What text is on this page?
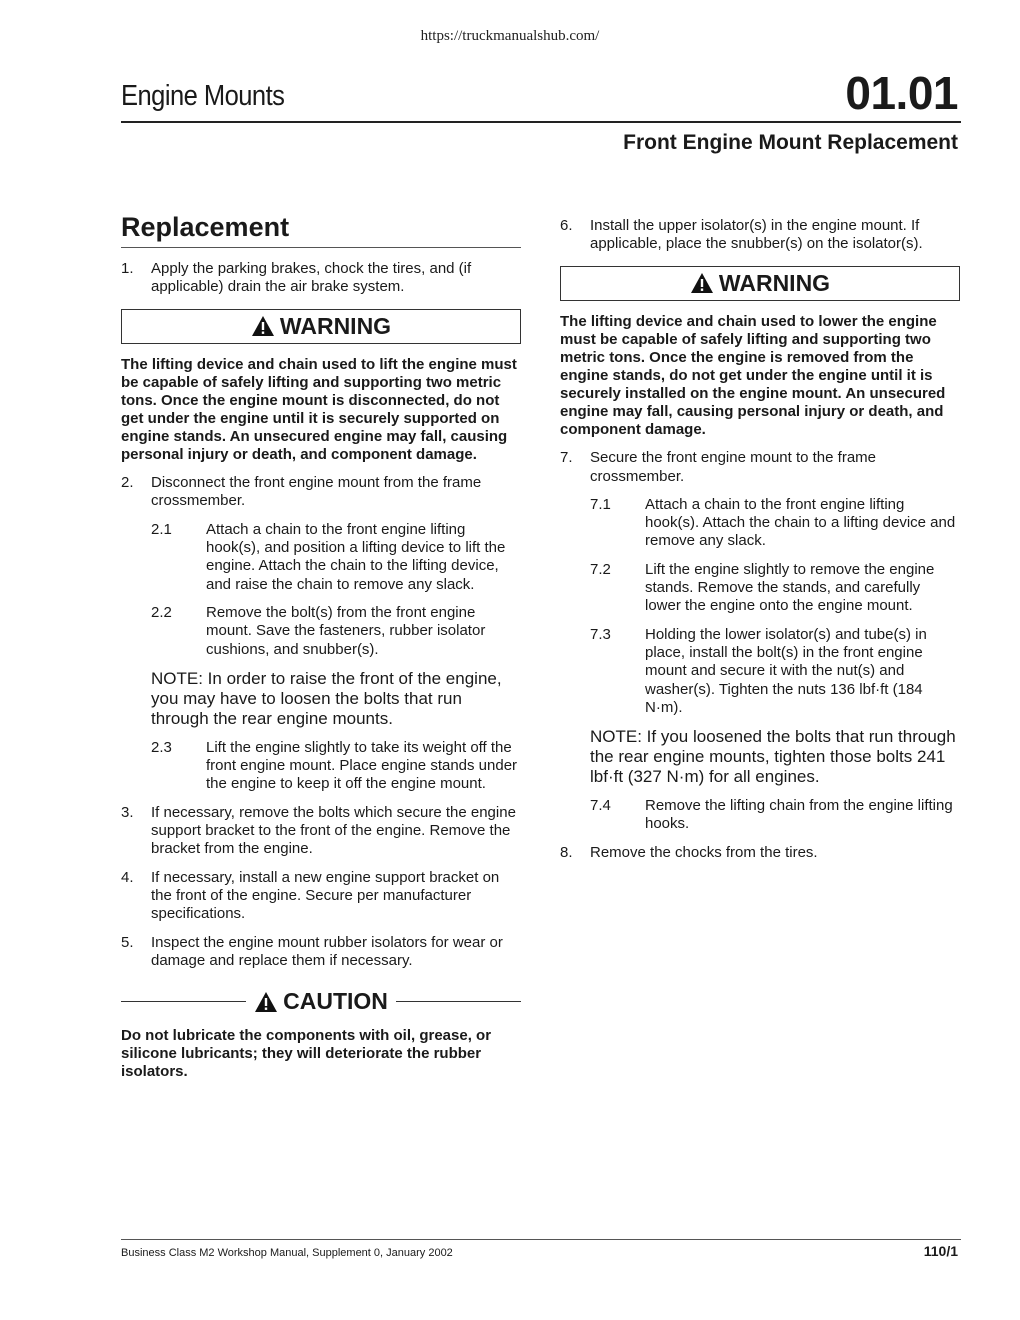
https://truckmanualshub.com/
Engine Mounts	01.01
Front Engine Mount Replacement
Replacement
1.	Apply the parking brakes, chock the tires, and (if applicable) drain the air brake system.
WARNING

The lifting device and chain used to lift the engine must be capable of safely lifting and supporting two metric tons. Once the engine mount is disconnected, do not get under the engine until it is securely supported on engine stands. An unsecured engine may fall, causing personal injury or death, and component damage.

2.	Disconnect the front engine mount from the frame crossmember.
2.1	Attach a chain to the front engine lifting hook(s), and position a lifting device to lift the engine. Attach the chain to the lifting device, and raise the chain to remove any slack.
2.2	Remove the bolt(s) from the front engine mount. Save the fasteners, rubber isolator cushions, and snubber(s).

NOTE: In order to raise the front of the engine, you may have to loosen the bolts that run through the rear engine mounts.

2.3	Lift the engine slightly to take its weight off the front engine mount. Place engine stands under the engine to keep it off the engine mount.
3.	If necessary, remove the bolts which secure the engine support bracket to the front of the engine. Remove the bracket from the engine.
4.	If necessary, install a new engine support bracket on the front of the engine. Secure per manufacturer specifications.
5.	Inspect the engine mount rubber isolators for wear or damage and replace them if necessary.
CAUTION

Do not lubricate the components with oil, grease, or silicone lubricants; they will deteriorate the rubber isolators.

6.	Install the upper isolator(s) in the engine mount. If applicable, place the snubber(s) on the isolator(s).
WARNING

The lifting device and chain used to lower the engine must be capable of safely lifting and supporting two metric tons. Once the engine is removed from the engine stands, do not get under the engine until it is securely installed on the engine mount. An unsecured engine may fall, causing personal injury or death, and component damage.

7.	Secure the front engine mount to the frame crossmember.
7.1	Attach a chain to the front engine lifting hook(s). Attach the chain to a lifting device and remove any slack.
7.2	Lift the engine slightly to remove the engine stands. Remove the stands, and carefully lower the engine onto the engine mount.
7.3	Holding the lower isolator(s) and tube(s) in place, install the bolt(s) in the front engine mount and secure it with the nut(s) and washer(s). Tighten the nuts 136 lbf·ft (184 N·m).

NOTE: If you loosened the bolts that run through the rear engine mounts, tighten those bolts 241 lbf·ft (327 N·m) for all engines.

7.4	Remove the lifting chain from the engine lifting hooks.
8.	Remove the chocks from the tires.
Business Class M2 Workshop Manual, Supplement 0, January 2002	110/1
